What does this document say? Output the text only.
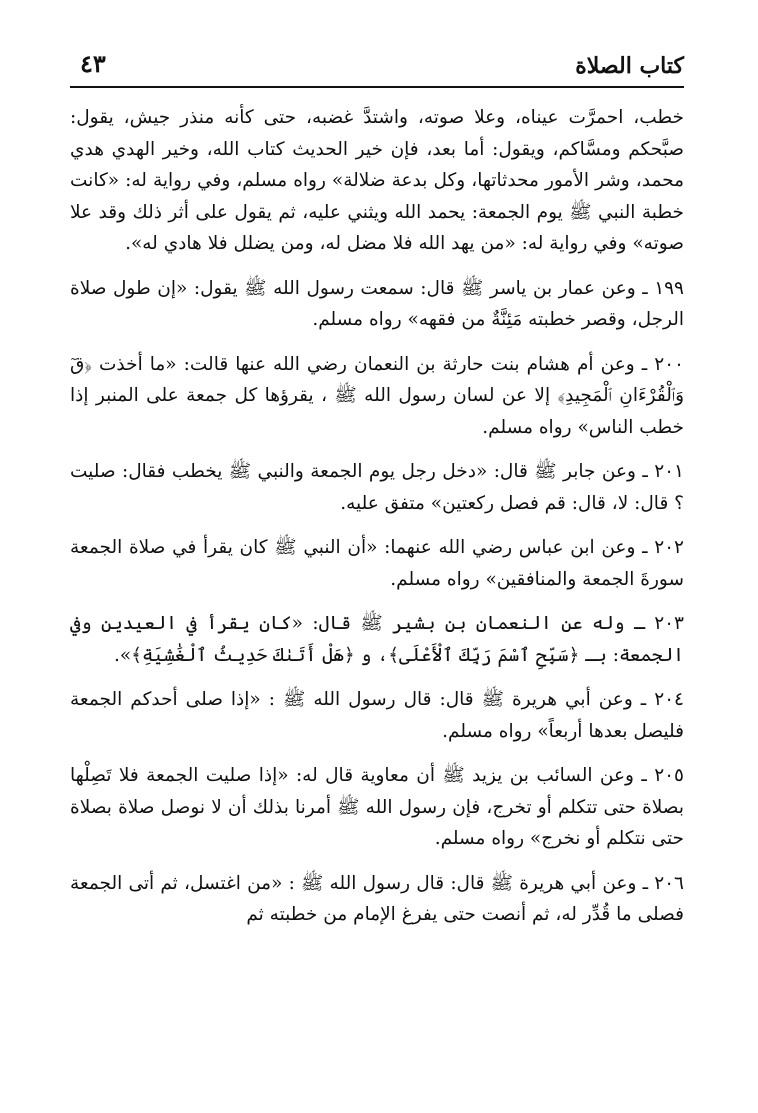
كتاب الصلاة
٤٣

خطب، احمرَّت عيناه، وعلا صوته، واشتدَّ غضبه، حتى كأنه منذر جيش، يقول: صبَّحكم ومسَّاكم، ويقول: أما بعد، فإن خير الحديث كتاب الله، وخير الهدي هدي محمد، وشر الأمور محدثاتها، وكل بدعة ضلالة» رواه مسلم، وفي رواية له: «كانت خطبة النبي ﷺ يوم الجمعة: يحمد الله ويثني عليه، ثم يقول على أثر ذلك وقد علا صوته» وفي رواية له: «من يهد الله فلا مضل له، ومن يضلل فلا هادي له».

١٩٩ ـ وعن عمار بن ياسر ﷺ قال: سمعت رسول الله ﷺ يقول: «إن طول صلاة الرجل، وقصر خطبته مَئِنَّةٌ من فقهه» رواه مسلم.

٢٠٠ ـ وعن أم هشام بنت حارثة بن النعمان رضي الله عنها قالت: «ما أخذت ﴿قٓ وَٱلْقُرْءَانِ ٱلْمَجِيدِ﴾ إلا عن لسان رسول الله ﷺ ، يقرؤها كل جمعة على المنبر إذا خطب الناس» رواه مسلم.

٢٠١ ـ وعن جابر ﷺ قال: «دخل رجل يوم الجمعة والنبي ﷺ يخطب فقال: صليت ؟ قال: لا، قال: قم فصل ركعتين» متفق عليه.

٢٠٢ ـ وعن ابن عباس رضي الله عنهما: «أن النبي ﷺ كان يقرأ في صلاة الجمعة سورةَ الجمعة والمنافقين» رواه مسلم.

٢٠٣ ـ وله عن النعمان بن بشير ﷺ قال: «كان يقرأ في العيدين وفي الجمعة: بـ ﴿سَبِّحِ ٱسْمَ رَبِّكَ ٱلْأَعْلَى﴾، و ﴿هَلْ أَتَىٰكَ حَدِيثُ ٱلْغَٰشِيَةِ﴾».

٢٠٤ ـ وعن أبي هريرة ﷺ قال: قال رسول الله ﷺ : «إذا صلى أحدكم الجمعة فليصل بعدها أربعاً» رواه مسلم.

٢٠٥ ـ وعن السائب بن يزيد ﷺ أن معاوية قال له: «إذا صليت الجمعة فلا تَصِلْها بصلاة حتى تتكلم أو تخرج، فإن رسول الله ﷺ أمرنا بذلك أن لا نوصل صلاة بصلاة حتى نتكلم أو نخرج» رواه مسلم.

٢٠٦ ـ وعن أبي هريرة ﷺ قال: قال رسول الله ﷺ : «من اغتسل، ثم أتى الجمعة فصلى ما قُدِّر له، ثم أنصت حتى يفرغ الإمام من خطبته ثم
